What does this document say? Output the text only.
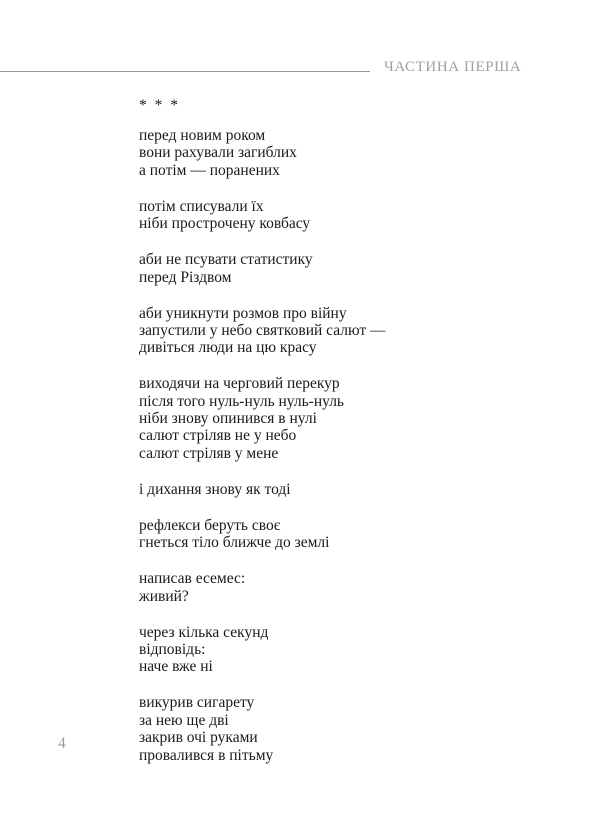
ЧАСТИНА ПЕРША
* * *
перед новим роком
вони рахували загиблих
а потім — поранених
потім списували їх
ніби прострочену ковбасу
аби не псувати статистику
перед Різдвом
аби уникнути розмов про війну
запустили у небо святковий салют —
дивіться люди на цю красу
виходячи на черговий перекур
після того нуль-нуль нуль-нуль
ніби знову опинився в нулі
салют стріляв не у небо
салют стріляв у мене
і дихання знову як тоді
рефлекси беруть своє
гнеться тіло ближче до землі
написав есемес:
живий?
через кілька секунд
відповідь:
наче вже ні
викурив сигарету
за нею ще дві
закрив очі руками
провалився в пітьму
4
